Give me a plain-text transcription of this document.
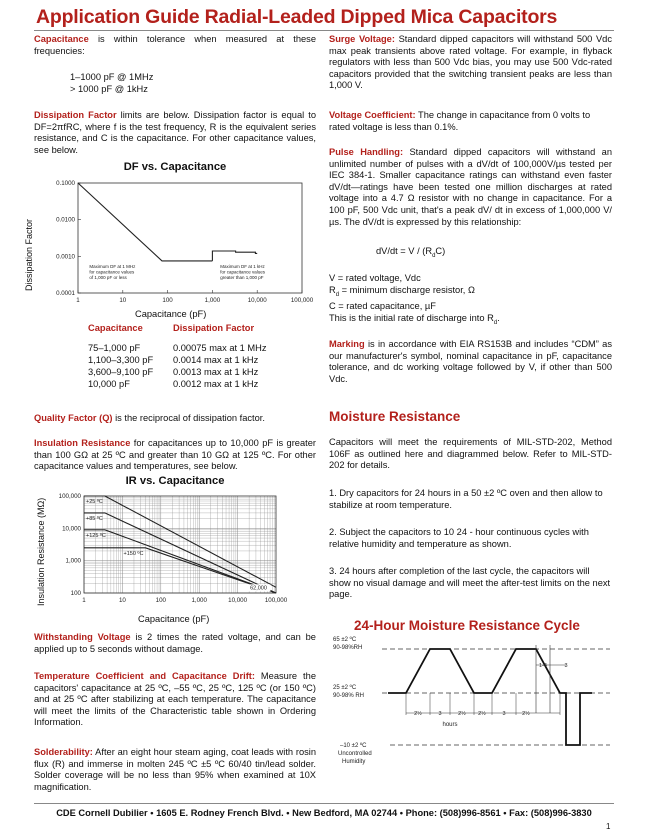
Application Guide Radial-Leaded Dipped Mica Capacitors

Capacitance is within tolerance when measured at these frequencies:

1–1000 pF @ 1MHz

> 1000 pF @ 1kHz

Dissipation Factor limits are below. Dissipation factor is equal to DF=2πfRC, where f is the test frequency, R is the equivalent series resistance, and C is the capacitance. For other capacitance values, see below.

DF vs. Capacitance
Dissipation Factor
0.0001
0.0010
0.0100
0.1000
1	10	100	1,000	10,000	100,000
Maximum DF at 1 MHz
for capacitance values
of 1,000 pF or less
Maximum DF at 1 kHz
for capacitance values
greater than 1,000 pF
Capacitance (pF)
Capacitance	Dissipation Factor

75–1,000 pF	0.00075 max at 1 MHz
1,100–3,300 pF	0.0014 max at 1 kHz
3,600–9,100 pF	0.0013 max at 1 kHz
10,000 pF	0.0012 max at 1 kHz

Quality Factor (Q) is the reciprocal of dissipation factor.

Insulation Resistance for capacitances up to 10,000 pF is greater than 100 GΩ at 25 ºC and greater than 10 GΩ at 125 ºC. For other capacitance values and temperatures, see below.

IR vs. Capacitance
Insulation Resistance (MΩ)	100
1,000
10,000
100,000
1	10	100	1,000	10,000	100,000
+25 ºC
+85 ºC
+125 ºC
+150 ºC
62,000
Capacitance (pF)

Withstanding Voltage is 2 times the rated voltage, and can be applied up to 5 seconds without damage.

Temperature Coefficient and Capacitance Drift: Measure the capacitors' capacitance at 25 ºC, –55 ºC, 25 ºC, 125 ºC (or 150 ºC) and at 25 ºC after stabilizing at each temperature. The capacitance will meet the limits of the Characteristic table shown in Ordering Information.

Solderability: After an eight hour steam aging, coat leads with rosin flux (R) and immerse in molten 245 ºC ±5 ºC 60/40 tin/lead solder. Solder coverage will be no less than 95% when examined at 10X magnification.

Surge Voltage: Standard dipped capacitors will withstand 500 Vdc max peak transients above rated voltage. For example, in flyback regulators with less than 500 Vdc bias, you may use 500 Vdc-rated capacitors provided that the switching transient peaks are less than 1,000 V.

Voltage Coefficient: The change in capacitance from 0 volts to rated voltage is less than 0.1%.

Pulse Handling: Standard dipped capacitors will withstand an unlimited number of pulses with a dV/dt of 100,000V/µs tested per IEC 384-1. Smaller capacitance ratings can withstand even faster dV/dt—ratings have been tested one million discharges at rated voltage into a 4.7 Ω resistor with no change in capacitance. For a 100 pF, 500 Vdc unit, that's a peak dV/ dt in excess of 1,000,000 V/ µs. The dV/dt is expressed by this relationship:

$dV/dt = V / (R_dC)$

V = rated voltage, Vdc

$R_d$ = minimum discharge resistor, Ω

C = rated capacitance, µF

This is the initial rate of discharge into $R_d$.

Marking is in accordance with EIA RS153B and includes “CDM” as our manufacturer's symbol, nominal capacitance in pF, capacitance tolerance, and dc working voltage followed by V, if other than 500 Vdc.

Moisture Resistance

Capacitors will meet the requirements of MIL-STD-202, Method 106F as outlined here and diagrammed below. Refer to MIL-STD-202 for details.

1. Dry capacitors for 24 hours in a 50 ±2 ºC oven and then allow to stabilize at room temperature.

2. Subject the capacitors to 10 24 - hour continuous cycles with relative humidity and temperature as shown.

3. 24 hours after completion of the last cycle, the capacitors will show no visual damage and will meet the after-test limits on the next page.

24-Hour Moisture Resistance Cycle
65 ±2 ºC
90-98%RH
25 ±2 ºC
90-98% RH
–10 ±2 ºC
Uncontrolled
Humidity
2½	3	2½ 2½	3	2½
1-4	3
hours
CDE Cornell Dubilier • 1605 E. Rodney French Blvd. • New Bedford, MA 02744 • Phone: (508)996-8561 • Fax: (508)996-3830
1
